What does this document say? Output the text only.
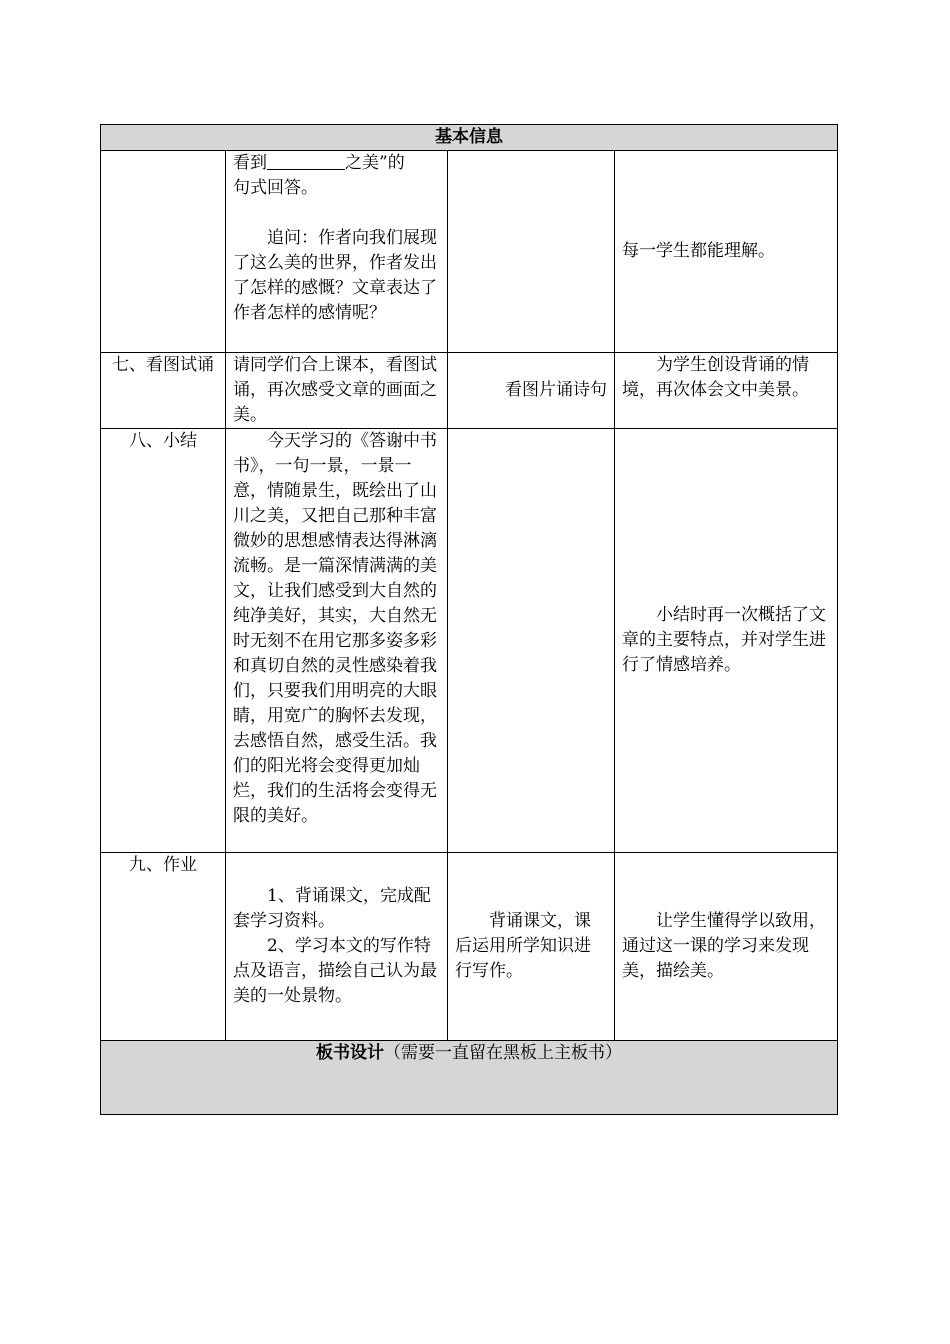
基本信息			

	看到 之美”的
句式回答。
追问：作者向我们展现了这么美的世界，作者发出了怎样的感慨？文章表达了作者怎样的感情呢？		每一学生都能理解。
七、看图试诵	请同学们合上课本，看图试诵，再次感受文章的画面之美。	看图片诵诗句	为学生创设背诵的情境，再次体会文中美景。
八、小结	今天学习的《答谢中书书》，一句一景，一景一意，情随景生，既绘出了山川之美，又把自己那种丰富微妙的思想感情表达得淋漓流畅。是一篇深情满满的美文，让我们感受到大自然的纯净美好，其实，大自然无时无刻不在用它那多姿多彩和真切自然的灵性感染着我们，只要我们用明亮的大眼睛，用宽广的胸怀去发现，去感悟自然，感受生活。我们的阳光将会变得更加灿烂，我们的生活将会变得无限的美好。		小结时再一次概括了文章的主要特点，并对学生进行了情感培养。
九、作业	1、背诵课文，完成配套学习资料。
2、学习本文的写作特点及语言，描绘自己认为最美的一处景物。	背诵课文，课后运用所学知识进行写作。	让学生懂得学以致用，通过这一课的学习来发现美，描绘美。
板书设计（需要一直留在黑板上主板书）			
